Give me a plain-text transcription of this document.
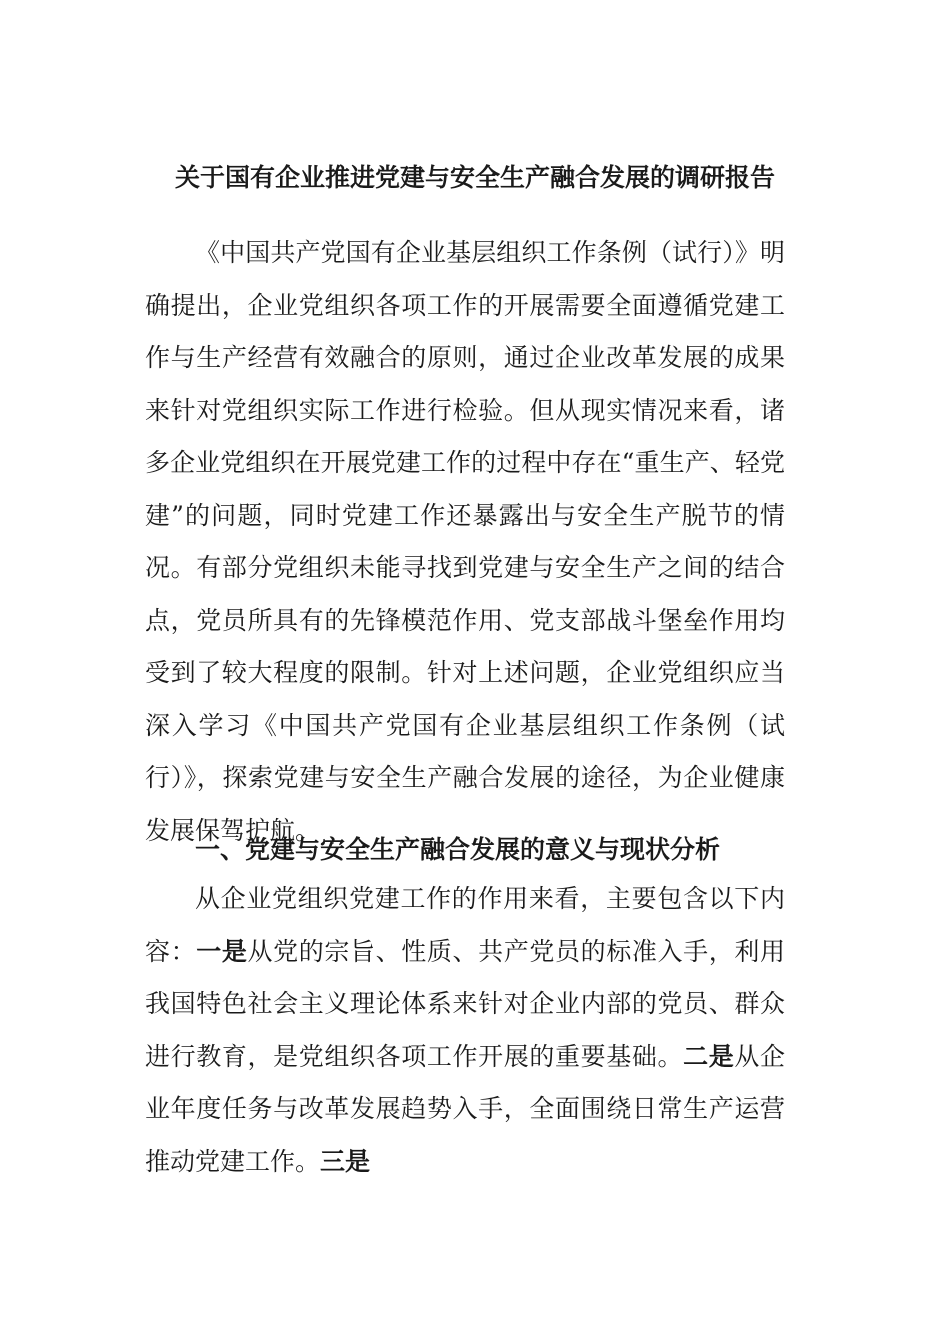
关于国有企业推进党建与安全生产融合发展的调研报告

《中国共产党国有企业基层组织工作条例（试行）》明确提出，企业党组织各项工作的开展需要全面遵循党建工作与生产经营有效融合的原则，通过企业改革发展的成果来针对党组织实际工作进行检验。但从现实情况来看，诸多企业党组织在开展党建工作的过程中存在“重生产、轻党建”的问题，同时党建工作还暴露出与安全生产脱节的情况。有部分党组织未能寻找到党建与安全生产之间的结合点，党员所具有的先锋模范作用、党支部战斗堡垒作用均受到了较大程度的限制。针对上述问题，企业党组织应当深入学习《中国共产党国有企业基层组织工作条例（试行）》，探索党建与安全生产融合发展的途径，为企业健康发展保驾护航。

一、党建与安全生产融合发展的意义与现状分析

从企业党组织党建工作的作用来看，主要包含以下内容：一是从党的宗旨、性质、共产党员的标准入手，利用我国特色社会主义理论体系来针对企业内部的党员、群众进行教育，是党组织各项工作开展的重要基础。二是从企业年度任务与改革发展趋势入手，全面围绕日常生产运营推动党建工作。三是
